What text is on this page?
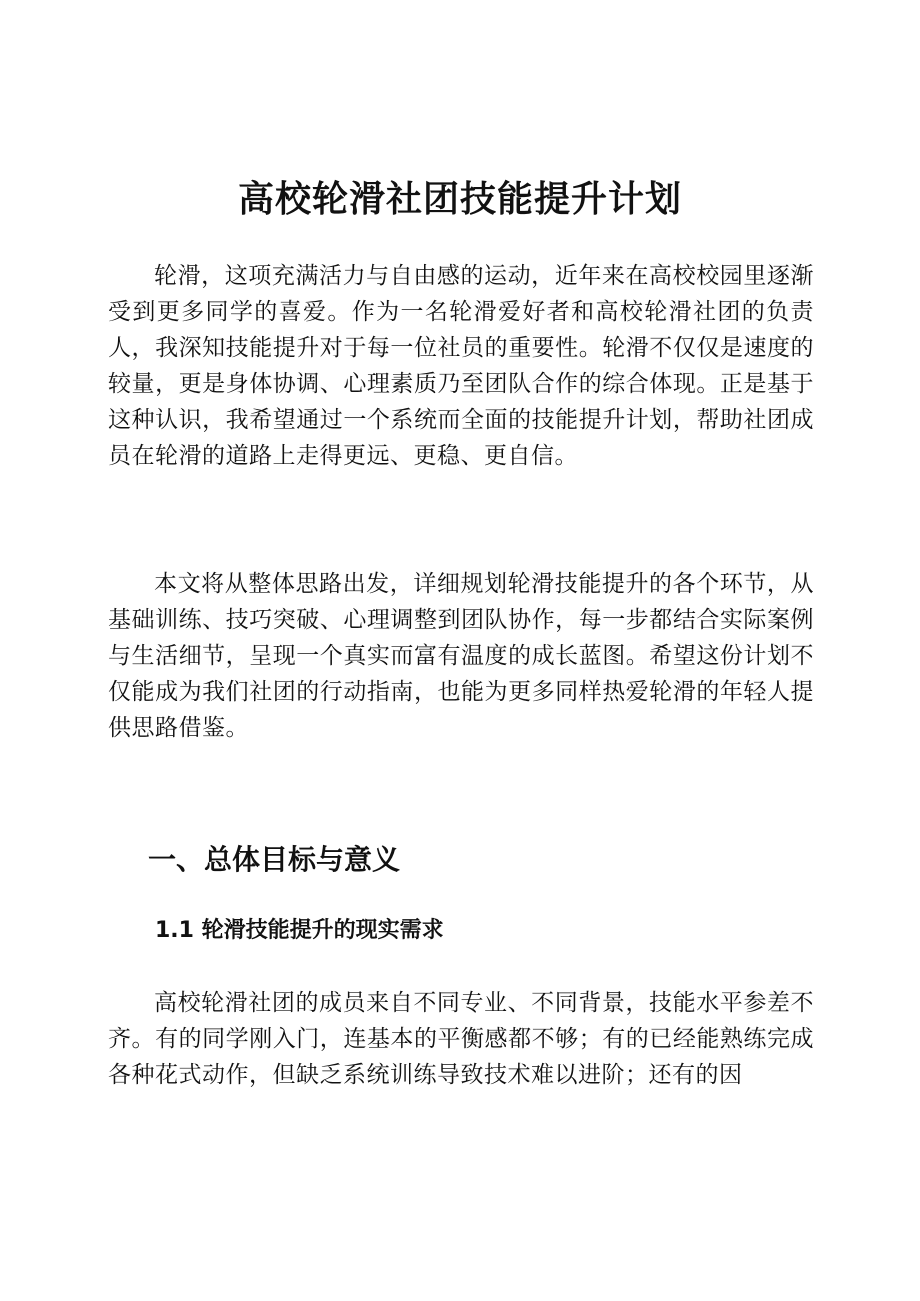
高校轮滑社团技能提升计划

轮滑，这项充满活力与自由感的运动，近年来在高校校园里逐渐受到更多同学的喜爱。作为一名轮滑爱好者和高校轮滑社团的负责人，我深知技能提升对于每一位社员的重要性。轮滑不仅仅是速度的较量，更是身体协调、心理素质乃至团队合作的综合体现。正是基于这种认识，我希望通过一个系统而全面的技能提升计划，帮助社团成员在轮滑的道路上走得更远、更稳、更自信。

本文将从整体思路出发，详细规划轮滑技能提升的各个环节，从基础训练、技巧突破、心理调整到团队协作，每一步都结合实际案例与生活细节，呈现一个真实而富有温度的成长蓝图。希望这份计划不仅能成为我们社团的行动指南，也能为更多同样热爱轮滑的年轻人提供思路借鉴。

一、总体目标与意义
1.1 轮滑技能提升的现实需求

高校轮滑社团的成员来自不同专业、不同背景，技能水平参差不齐。有的同学刚入门，连基本的平衡感都不够；有的已经能熟练完成各种花式动作，但缺乏系统训练导致技术难以进阶；还有的因
